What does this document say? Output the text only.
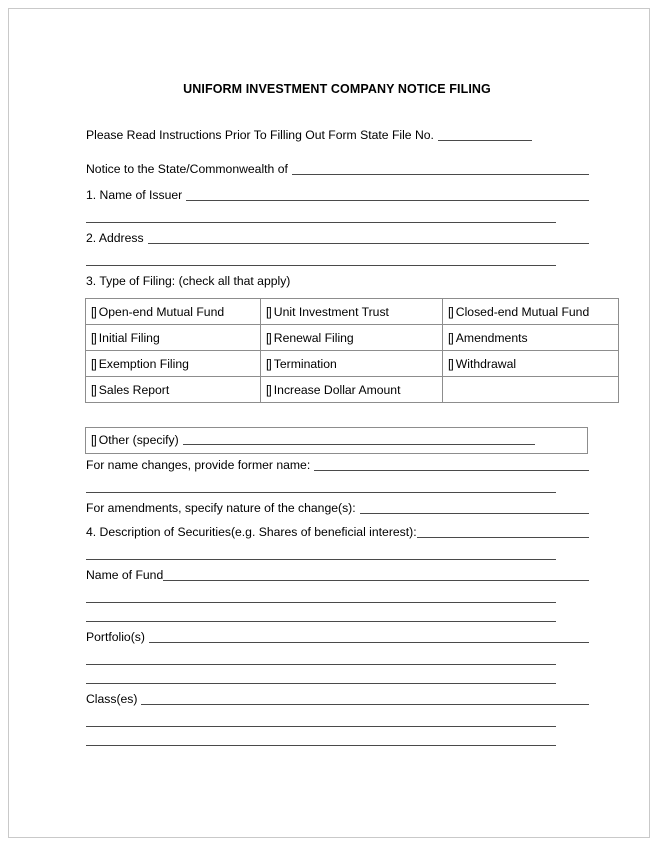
UNIFORM INVESTMENT COMPANY NOTICE FILING
Please Read Instructions Prior To Filling Out Form State File No.
Notice to the State/Commonwealth of
1. Name of Issuer
2. Address
3. Type of Filing: (check all that apply)
[] Open-end Mutual Fund	[] Unit Investment Trust	[] Closed-end Mutual Fund
[] Initial Filing	[] Renewal Filing	[] Amendments
[] Exemption Filing	[] Termination	[] Withdrawal
[] Sales Report	[] Increase Dollar Amount	
[] Other (specify)
For name changes, provide former name:
For amendments, specify nature of the change(s):
4. Description of Securities(e.g. Shares of beneficial interest):
Name of Fund
Portfolio(s)
Class(es)
